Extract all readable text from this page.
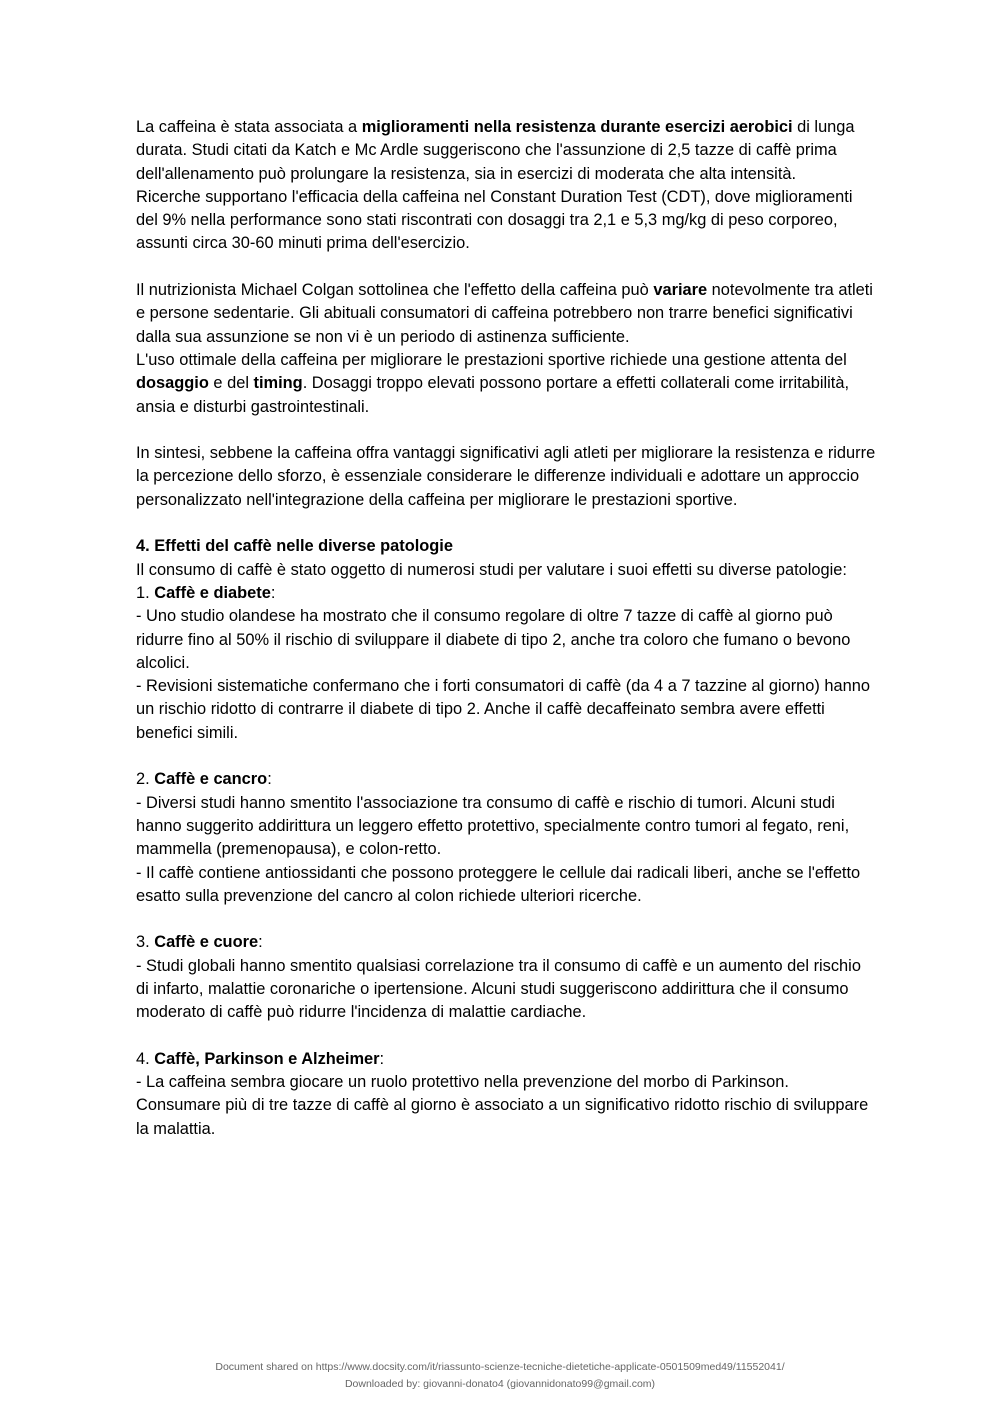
La caffeina è stata associata a miglioramenti nella resistenza durante esercizi aerobici di lunga durata. Studi citati da Katch e Mc Ardle suggeriscono che l'assunzione di 2,5 tazze di caffè prima dell'allenamento può prolungare la resistenza, sia in esercizi di moderata che alta intensità.

Ricerche supportano l'efficacia della caffeina nel Constant Duration Test (CDT), dove miglioramenti del 9% nella performance sono stati riscontrati con dosaggi tra 2,1 e 5,3 mg/kg di peso corporeo, assunti circa 30-60 minuti prima dell'esercizio.

Il nutrizionista Michael Colgan sottolinea che l'effetto della caffeina può variare notevolmente tra atleti e persone sedentarie. Gli abituali consumatori di caffeina potrebbero non trarre benefici significativi dalla sua assunzione se non vi è un periodo di astinenza sufficiente.

L'uso ottimale della caffeina per migliorare le prestazioni sportive richiede una gestione attenta del dosaggio e del timing. Dosaggi troppo elevati possono portare a effetti collaterali come irritabilità, ansia e disturbi gastrointestinali.

In sintesi, sebbene la caffeina offra vantaggi significativi agli atleti per migliorare la resistenza e ridurre la percezione dello sforzo, è essenziale considerare le differenze individuali e adottare un approccio personalizzato nell'integrazione della caffeina per migliorare le prestazioni sportive.

4. Effetti del caffè nelle diverse patologie

Il consumo di caffè è stato oggetto di numerosi studi per valutare i suoi effetti su diverse patologie:

1. Caffè e diabete:

- Uno studio olandese ha mostrato che il consumo regolare di oltre 7 tazze di caffè al giorno può ridurre fino al 50% il rischio di sviluppare il diabete di tipo 2, anche tra coloro che fumano o bevono alcolici.

- Revisioni sistematiche confermano che i forti consumatori di caffè (da 4 a 7 tazzine al giorno) hanno un rischio ridotto di contrarre il diabete di tipo 2. Anche il caffè decaffeinato sembra avere effetti benefici simili.

2. Caffè e cancro:

- Diversi studi hanno smentito l'associazione tra consumo di caffè e rischio di tumori. Alcuni studi hanno suggerito addirittura un leggero effetto protettivo, specialmente contro tumori al fegato, reni, mammella (premenopausa), e colon-retto.

- Il caffè contiene antiossidanti che possono proteggere le cellule dai radicali liberi, anche se l'effetto esatto sulla prevenzione del cancro al colon richiede ulteriori ricerche.

3. Caffè e cuore:

- Studi globali hanno smentito qualsiasi correlazione tra il consumo di caffè e un aumento del rischio di infarto, malattie coronariche o ipertensione. Alcuni studi suggeriscono addirittura che il consumo moderato di caffè può ridurre l'incidenza di malattie cardiache.

4. Caffè, Parkinson e Alzheimer:

- La caffeina sembra giocare un ruolo protettivo nella prevenzione del morbo di Parkinson. Consumare più di tre tazze di caffè al giorno è associato a un significativo ridotto rischio di sviluppare la malattia.

Document shared on https://www.docsity.com/it/riassunto-scienze-tecniche-dietetiche-applicate-0501509med49/11552041/
Downloaded by: giovanni-donato4 (giovannidonato99@gmail.com)
